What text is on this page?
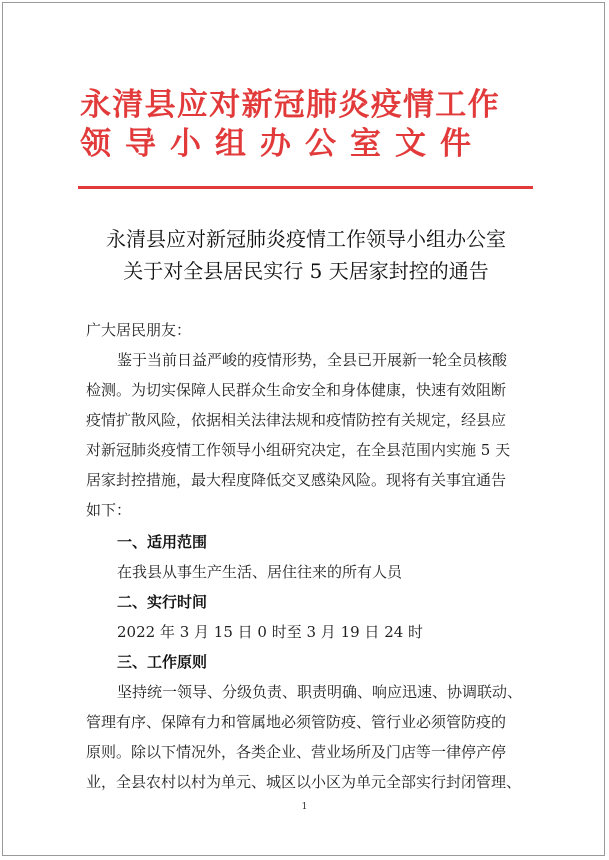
永清县应对新冠肺炎疫情工作
领导小组办公室文件
永清县应对新冠肺炎疫情工作领导小组办公室
关于对全县居民实行 5 天居家封控的通告
广大居民朋友：
鉴于当前日益严峻的疫情形势，全县已开展新一轮全员核酸
检测。为切实保障人民群众生命安全和身体健康，快速有效阻断
疫情扩散风险，依据相关法律法规和疫情防控有关规定，经县应
对新冠肺炎疫情工作领导小组研究决定，在全县范围内实施 5 天
居家封控措施，最大程度降低交叉感染风险。现将有关事宜通告
如下：
一、适用范围
在我县从事生产生活、居住往来的所有人员
二、实行时间
2022 年 3 月 15 日 0 时至 3 月 19 日 24 时
三、工作原则
坚持统一领导、分级负责、职责明确、响应迅速、协调联动、
管理有序、保障有力和管属地必须管防疫、管行业必须管防疫的
原则。除以下情况外，各类企业、营业场所及门店等一律停产停
业，全县农村以村为单元、城区以小区为单元全部实行封闭管理、
1
